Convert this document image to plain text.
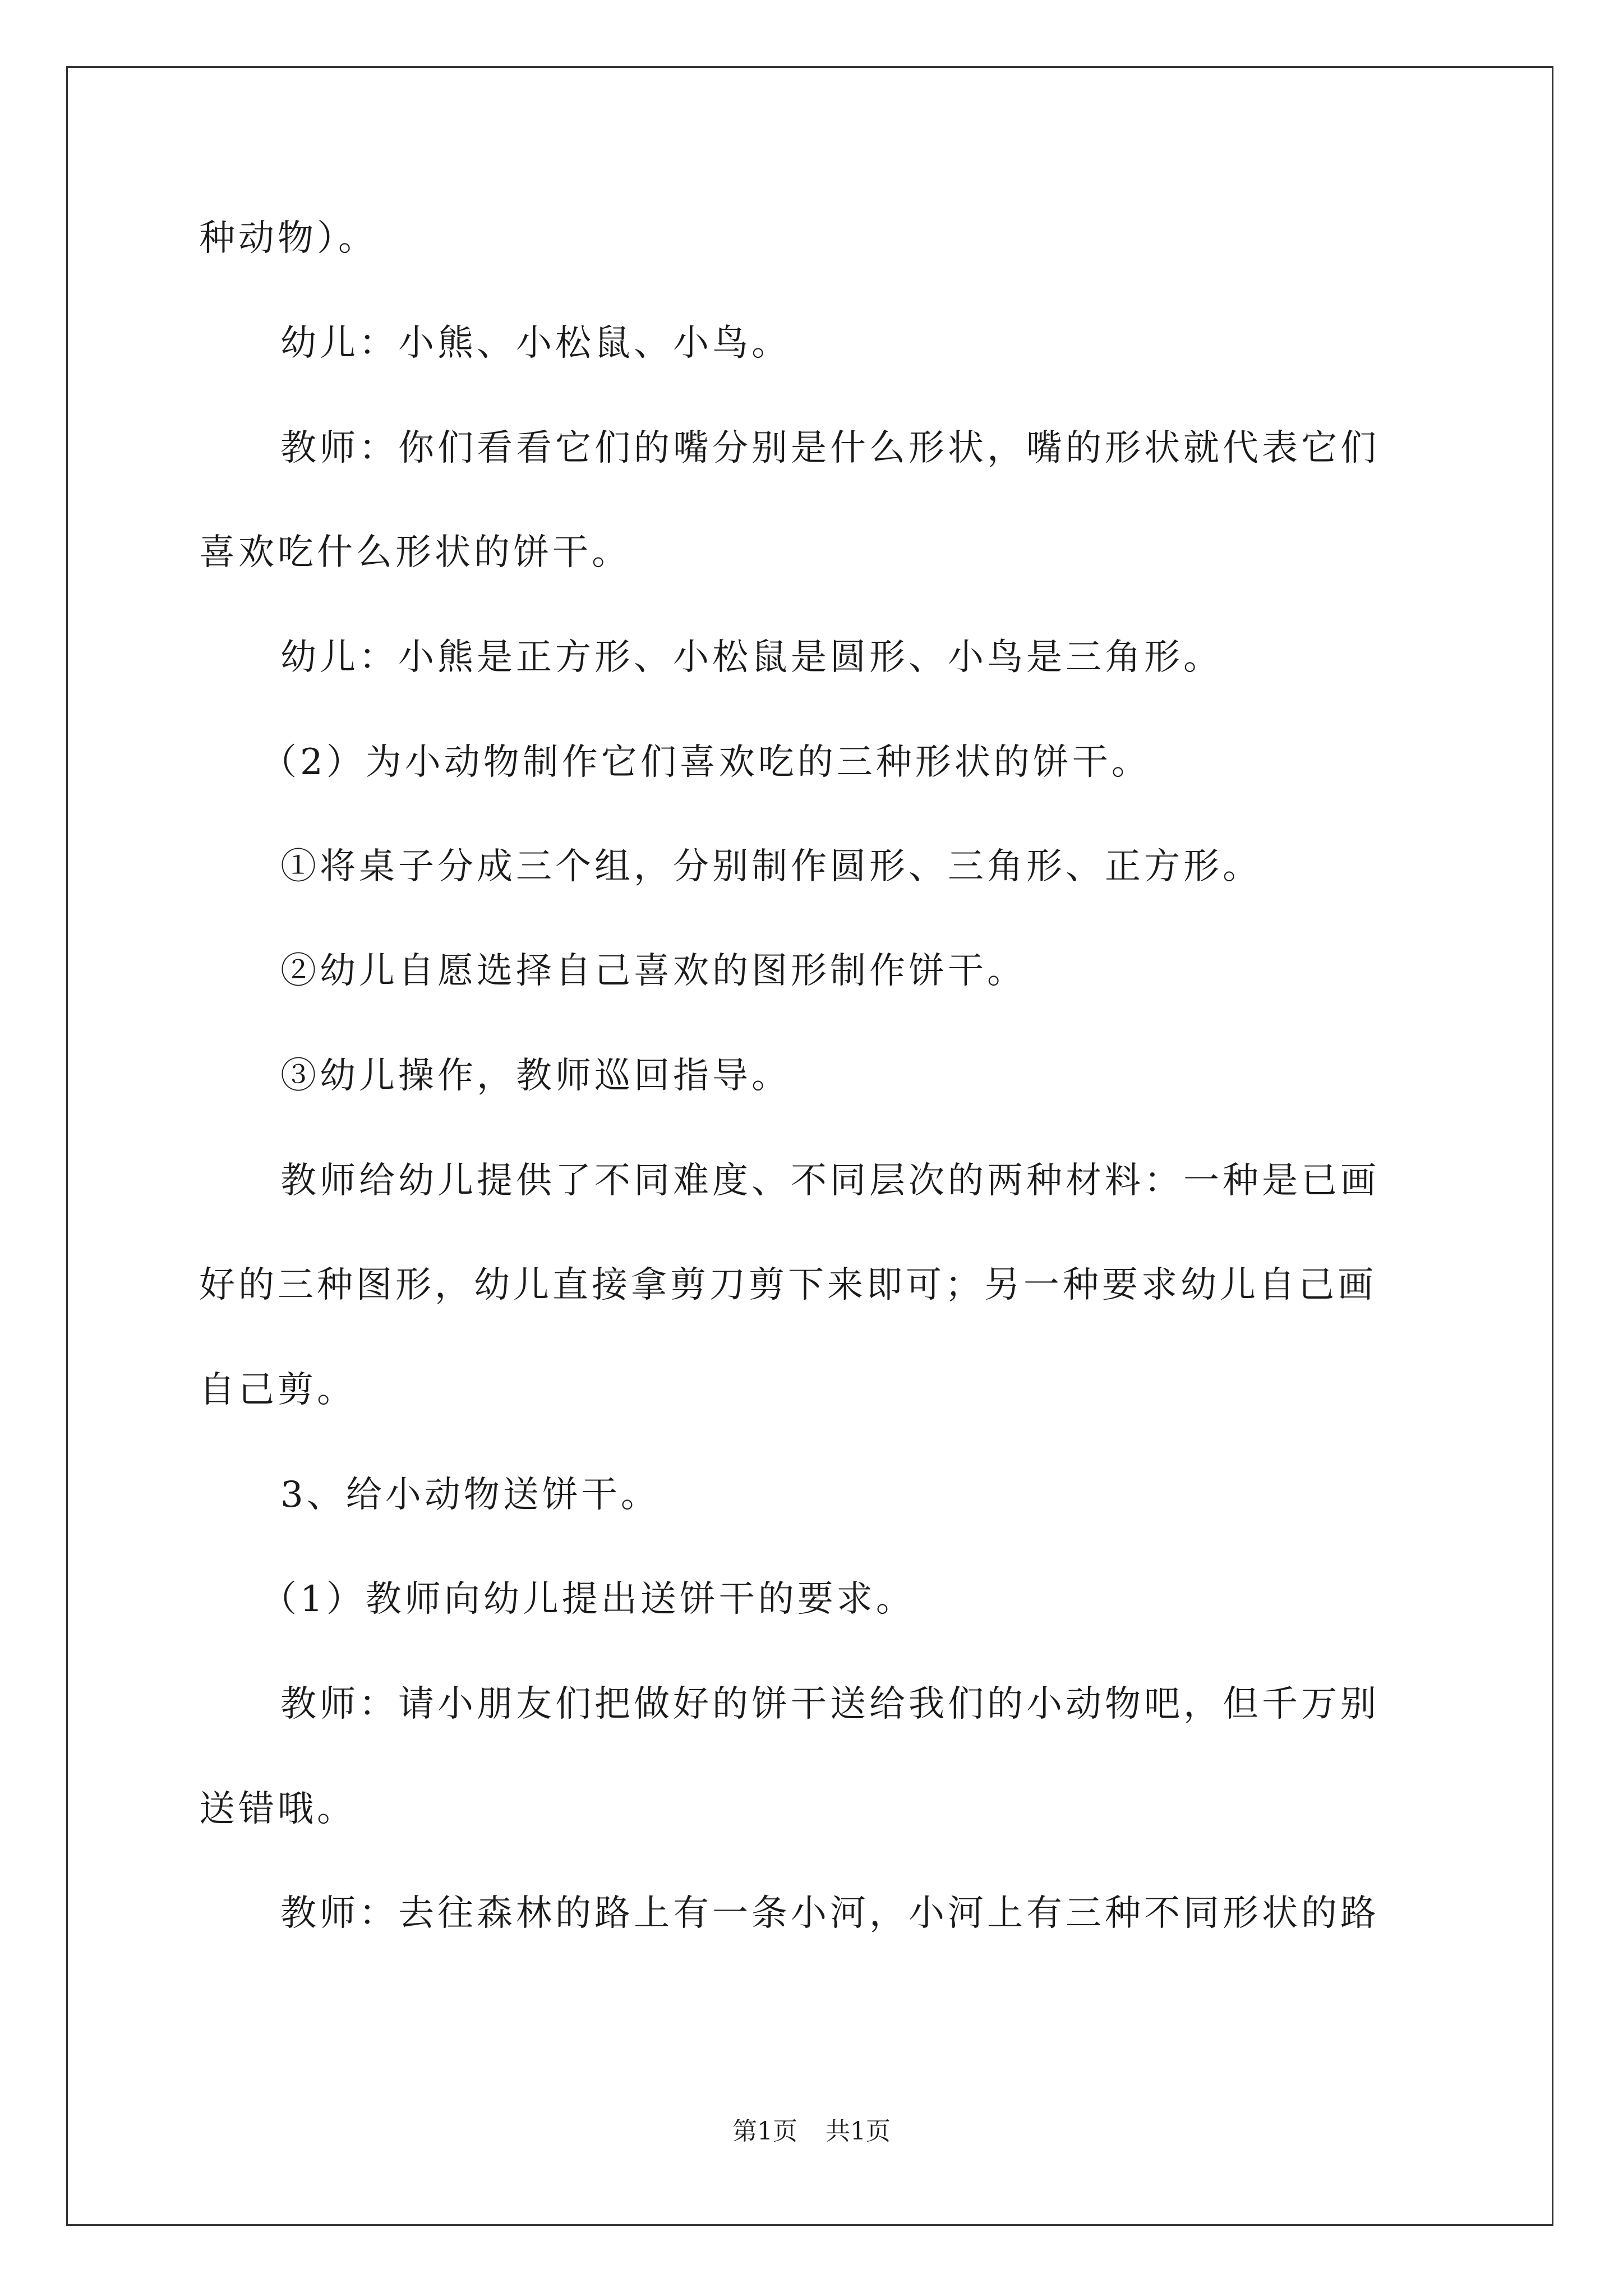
种动物）。
幼儿：小熊、小松鼠、小鸟。
教师：你们看看它们的嘴分别是什么形状，嘴的形状就代表它们
喜欢吃什么形状的饼干。
幼儿：小熊是正方形、小松鼠是圆形、小鸟是三角形。
（2）为小动物制作它们喜欢吃的三种形状的饼干。
①将桌子分成三个组，分别制作圆形、三角形、正方形。
②幼儿自愿选择自己喜欢的图形制作饼干。
③幼儿操作，教师巡回指导。
教师给幼儿提供了不同难度、不同层次的两种材料：一种是已画
好的三种图形，幼儿直接拿剪刀剪下来即可；另一种要求幼儿自己画
自己剪。
3、给小动物送饼干。
（1）教师向幼儿提出送饼干的要求。
教师：请小朋友们把做好的饼干送给我们的小动物吧，但千万别
送错哦。
教师：去往森林的路上有一条小河，小河上有三种不同形状的路
第1页 共1页
